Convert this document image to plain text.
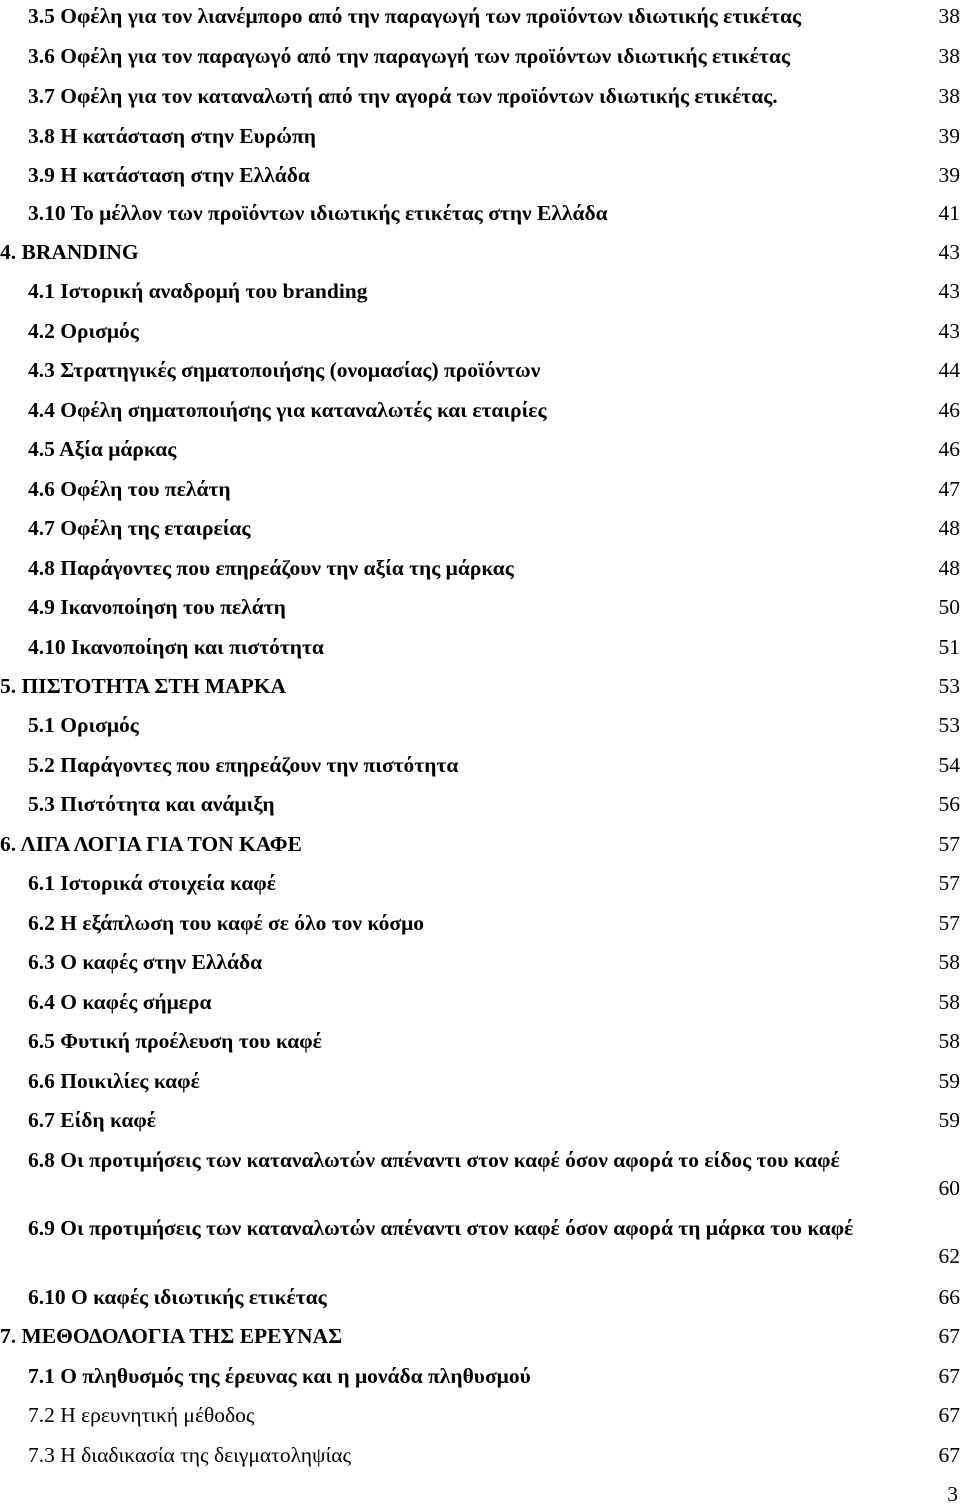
3.5 Οφέλη για τον λιανέμπορο από την παραγωγή των προϊόντων ιδιωτικής ετικέτας	38
3.6 Οφέλη για τον παραγωγό από την παραγωγή των προϊόντων ιδιωτικής ετικέτας	38
3.7 Οφέλη για τον καταναλωτή από την αγορά των προϊόντων ιδιωτικής ετικέτας.	38
3.8 Η κατάσταση στην Ευρώπη	39
3.9 Η κατάσταση στην Ελλάδα	39
3.10 Το μέλλον των προϊόντων ιδιωτικής ετικέτας στην Ελλάδα	41
4. BRANDING	43
4.1 Ιστορική αναδρομή του branding	43
4.2 Ορισμός	43
4.3 Στρατηγικές σηματοποιήσης (ονομασίας) προϊόντων	44
4.4 Οφέλη σηματοποιήσης για καταναλωτές και εταιρίες	46
4.5 Αξία μάρκας	46
4.6 Οφέλη του πελάτη	47
4.7 Οφέλη της εταιρείας	48
4.8 Παράγοντες που επηρεάζουν την αξία της μάρκας	48
4.9 Ικανοποίηση του πελάτη	50
4.10 Ικανοποίηση και πιστότητα	51
5. ΠΙΣΤΟΤΗΤΑ ΣΤΗ ΜΑΡΚΑ	53
5.1 Ορισμός	53
5.2 Παράγοντες που επηρεάζουν την πιστότητα	54
5.3 Πιστότητα και ανάμιξη	56
6. ΛΙΓΑ ΛΟΓΙΑ ΓΙΑ ΤΟΝ ΚΑΦΕ	57
6.1 Ιστορικά στοιχεία καφέ	57
6.2 Η εξάπλωση του καφέ σε όλο τον κόσμο	57
6.3 Ο καφές στην Ελλάδα	58
6.4 Ο καφές σήμερα	58
6.5 Φυτική προέλευση του καφέ	58
6.6 Ποικιλίες καφέ	59
6.7 Είδη καφέ	59
6.8 Οι προτιμήσεις των καταναλωτών απέναντι στον καφέ όσον αφορά το είδος του καφέ
60
6.9 Οι προτιμήσεις των καταναλωτών απέναντι στον καφέ όσον αφορά τη μάρκα του καφέ
62
6.10 Ο καφές ιδιωτικής ετικέτας	66
7. ΜΕΘΟΔΟΛΟΓΙΑ ΤΗΣ ΕΡΕΥΝΑΣ	67
7.1 Ο πληθυσμός της έρευνας και η μονάδα πληθυσμού	67
7.2 Η ερευνητική μέθοδος	67
7.3 Η διαδικασία της δειγματοληψίας	67
3
